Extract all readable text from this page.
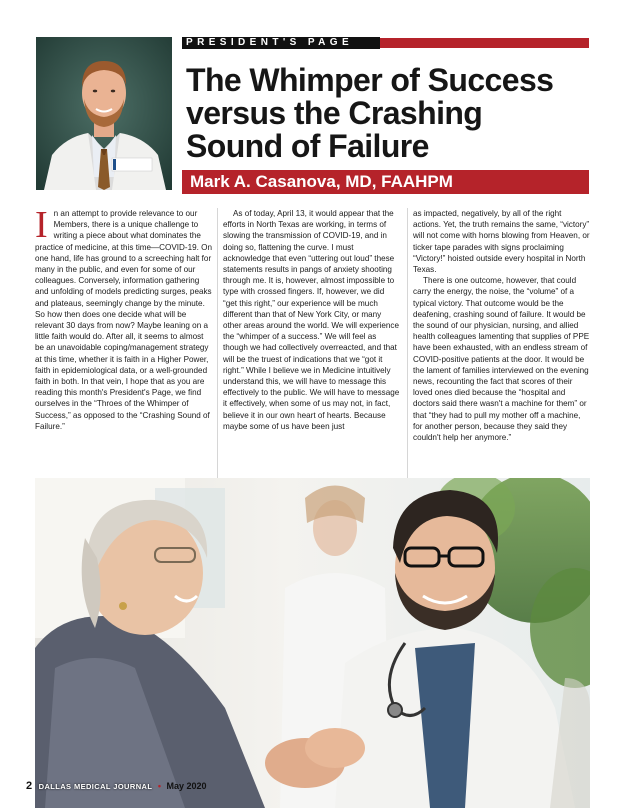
PRESIDENT'S PAGE
The Whimper of Success
versus the Crashing
Sound of Failure
Mark A. Casanova, MD, FAAHPM

In an attempt to provide relevance to our Members, there is a unique challenge to writing a piece about what dominates the practice of medicine, at this time—COVID-19. On one hand, life has ground to a screeching halt for many in the public, and even for some of our colleagues. Conversely, information gathering and unfolding of models predicting surges, peaks and plateaus, seemingly change by the minute. So how then does one decide what will be relevant 30 days from now? Maybe leaning on a little faith would do. After all, it seems to almost be an unavoidable coping/management strategy at this time, whether it is faith in a Higher Power, faith in epidemiological data, or a well-grounded faith in both. In that vein, I hope that as you are reading this month's President's Page, we find ourselves in the “Throes of the Whimper of Success,” as opposed to the “Crashing Sound of Failure.”

As of today, April 13, it would appear that the efforts in North Texas are working, in terms of slowing the transmission of COVID-19, and in doing so, flattening the curve. I must acknowledge that even “uttering out loud” these statements results in pangs of anxiety shooting through me. It is, however, almost impossible to type with crossed fingers. If, however, we did “get this right,” our experience will be much different than that of New York City, or many other areas around the world. We will experience the “whimper of a success.” We will feel as though we had collectively overreacted, and that will be the truest of indications that we “got it right.” While I believe we in Medicine intuitively understand this, we will have to message this effectively to the public. We will have to message it effectively, when some of us may not, in fact, believe it in our own heart of hearts. Because maybe some of us have been just

as impacted, negatively, by all of the right actions. Yet, the truth remains the same, “victory” will not come with horns blowing from Heaven, or ticker tape parades with signs proclaiming “Victory!” hoisted outside every hospital in North Texas.

There is one outcome, however, that could carry the energy, the noise, the “volume” of a typical victory. That outcome would be the deafening, crashing sound of failure. It would be the sound of our physician, nursing, and allied health colleagues lamenting that supplies of PPE have been exhausted, with an endless stream of COVID-positive patients at the door. It would be the lament of families interviewed on the evening news, recounting the fact that scores of their loved ones died because the “hospital and doctors said there wasn't a machine for them” or that “they had to pull my mother off a machine, for another person, because they said they couldn't help her anymore.”

2 DALLAS MEDICAL JOURNAL • May 2020
